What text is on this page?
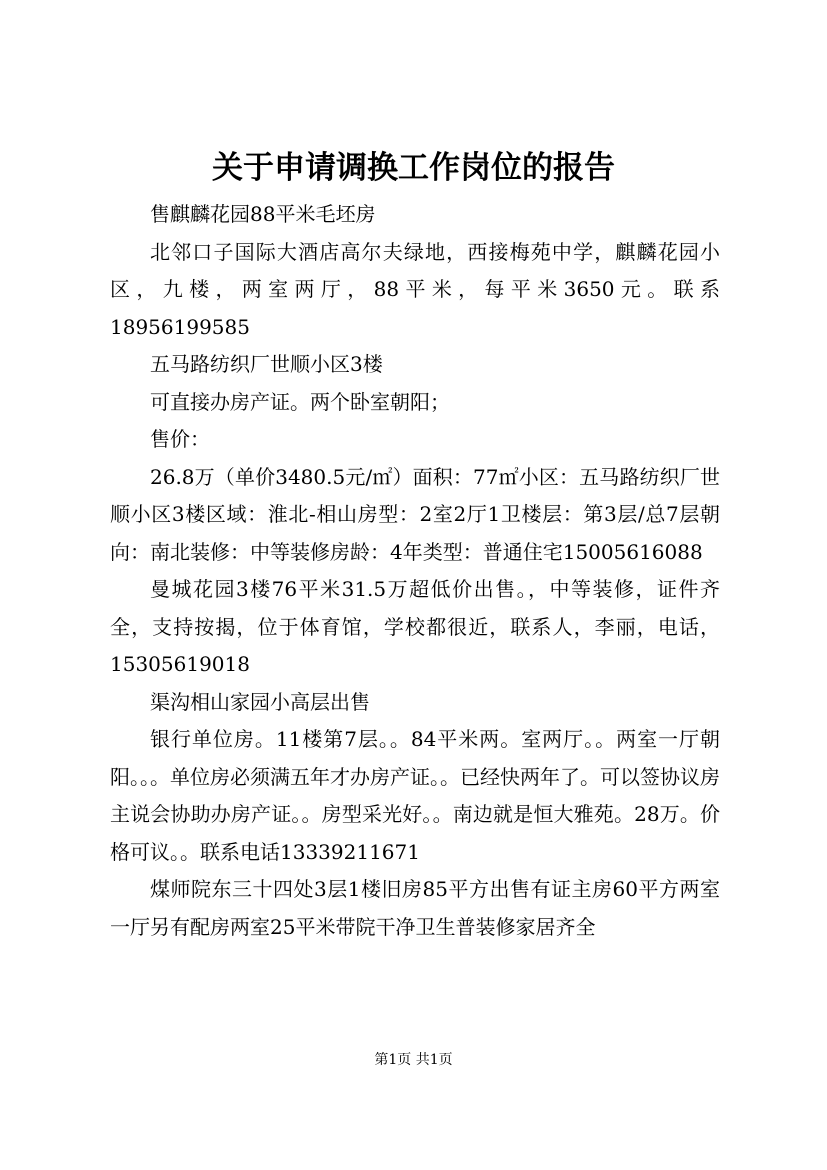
关于申请调换工作岗位的报告

售麒麟花园88平米毛坯房

北邻口子国际大酒店高尔夫绿地，西接梅苑中学，麒麟花园小区，九楼，两室两厅，88平米，每平米3650元。联系18956199585

五马路纺织厂世顺小区3楼

可直接办房产证。两个卧室朝阳；

售价：

26.8万（单价3480.5元/㎡）面积：77㎡小区：五马路纺织厂世顺小区3楼区域：淮北-相山房型：2室2厅1卫楼层：第3层/总7层朝向：南北装修：中等装修房龄：4年类型：普通住宅15005616088

曼城花园3楼76平米31.5万超低价出售。，中等装修，证件齐全，支持按揭，位于体育馆，学校都很近，联系人，李丽，电话，15305619018

渠沟相山家园小高层出售

银行单位房。11楼第7层。。84平米两。室两厅。。两室一厅朝阳。。。单位房必须满五年才办房产证。。已经快两年了。可以签协议房主说会协助办房产证。。房型采光好。。南边就是恒大雅苑。28万。价格可议。。联系电话13339211671

煤师院东三十四处3层1楼旧房85平方出售有证主房60平方两室一厅另有配房两室25平米带院干净卫生普装修家居齐全

第1页 共1页
